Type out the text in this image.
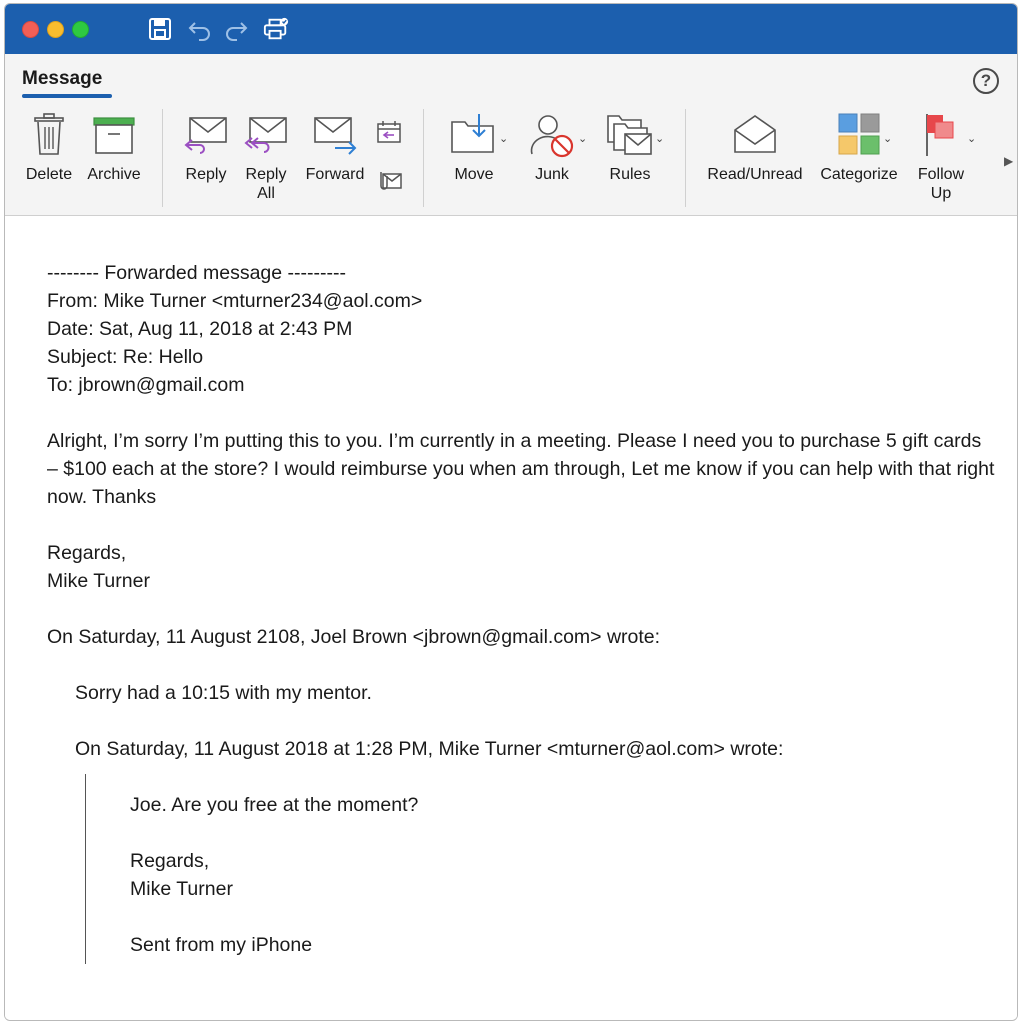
Message	?
Delete Archive	Reply	Reply
All
Forward	Move
⌄
Junk
⌄
Rules
⌄
Read/Unread	Categorize
⌄
Follow
Up
⌄
▶
-------- Forwarded message ---------
From: Mike Turner <mturner234@aol.com>
Date: Sat, Aug 11, 2018 at 2:43 PM
Subject: Re: Hello
To: jbrown@gmail.com
Alright, I’m sorry I’m putting this to you. I’m currently in a meeting. Please I need you to purchase 5 gift cards – $100 each at the store? I would reimburse you when am through, Let me know if you can help with that right now. Thanks
Regards,
Mike Turner
On Saturday, 11 August 2108, Joel Brown <jbrown@gmail.com> wrote:
Sorry had a 10:15 with my mentor.
On Saturday, 11 August 2018 at 1:28 PM, Mike Turner <mturner@aol.com> wrote:
Joe. Are you free at the moment?
Regards,
Mike Turner
Sent from my iPhone
